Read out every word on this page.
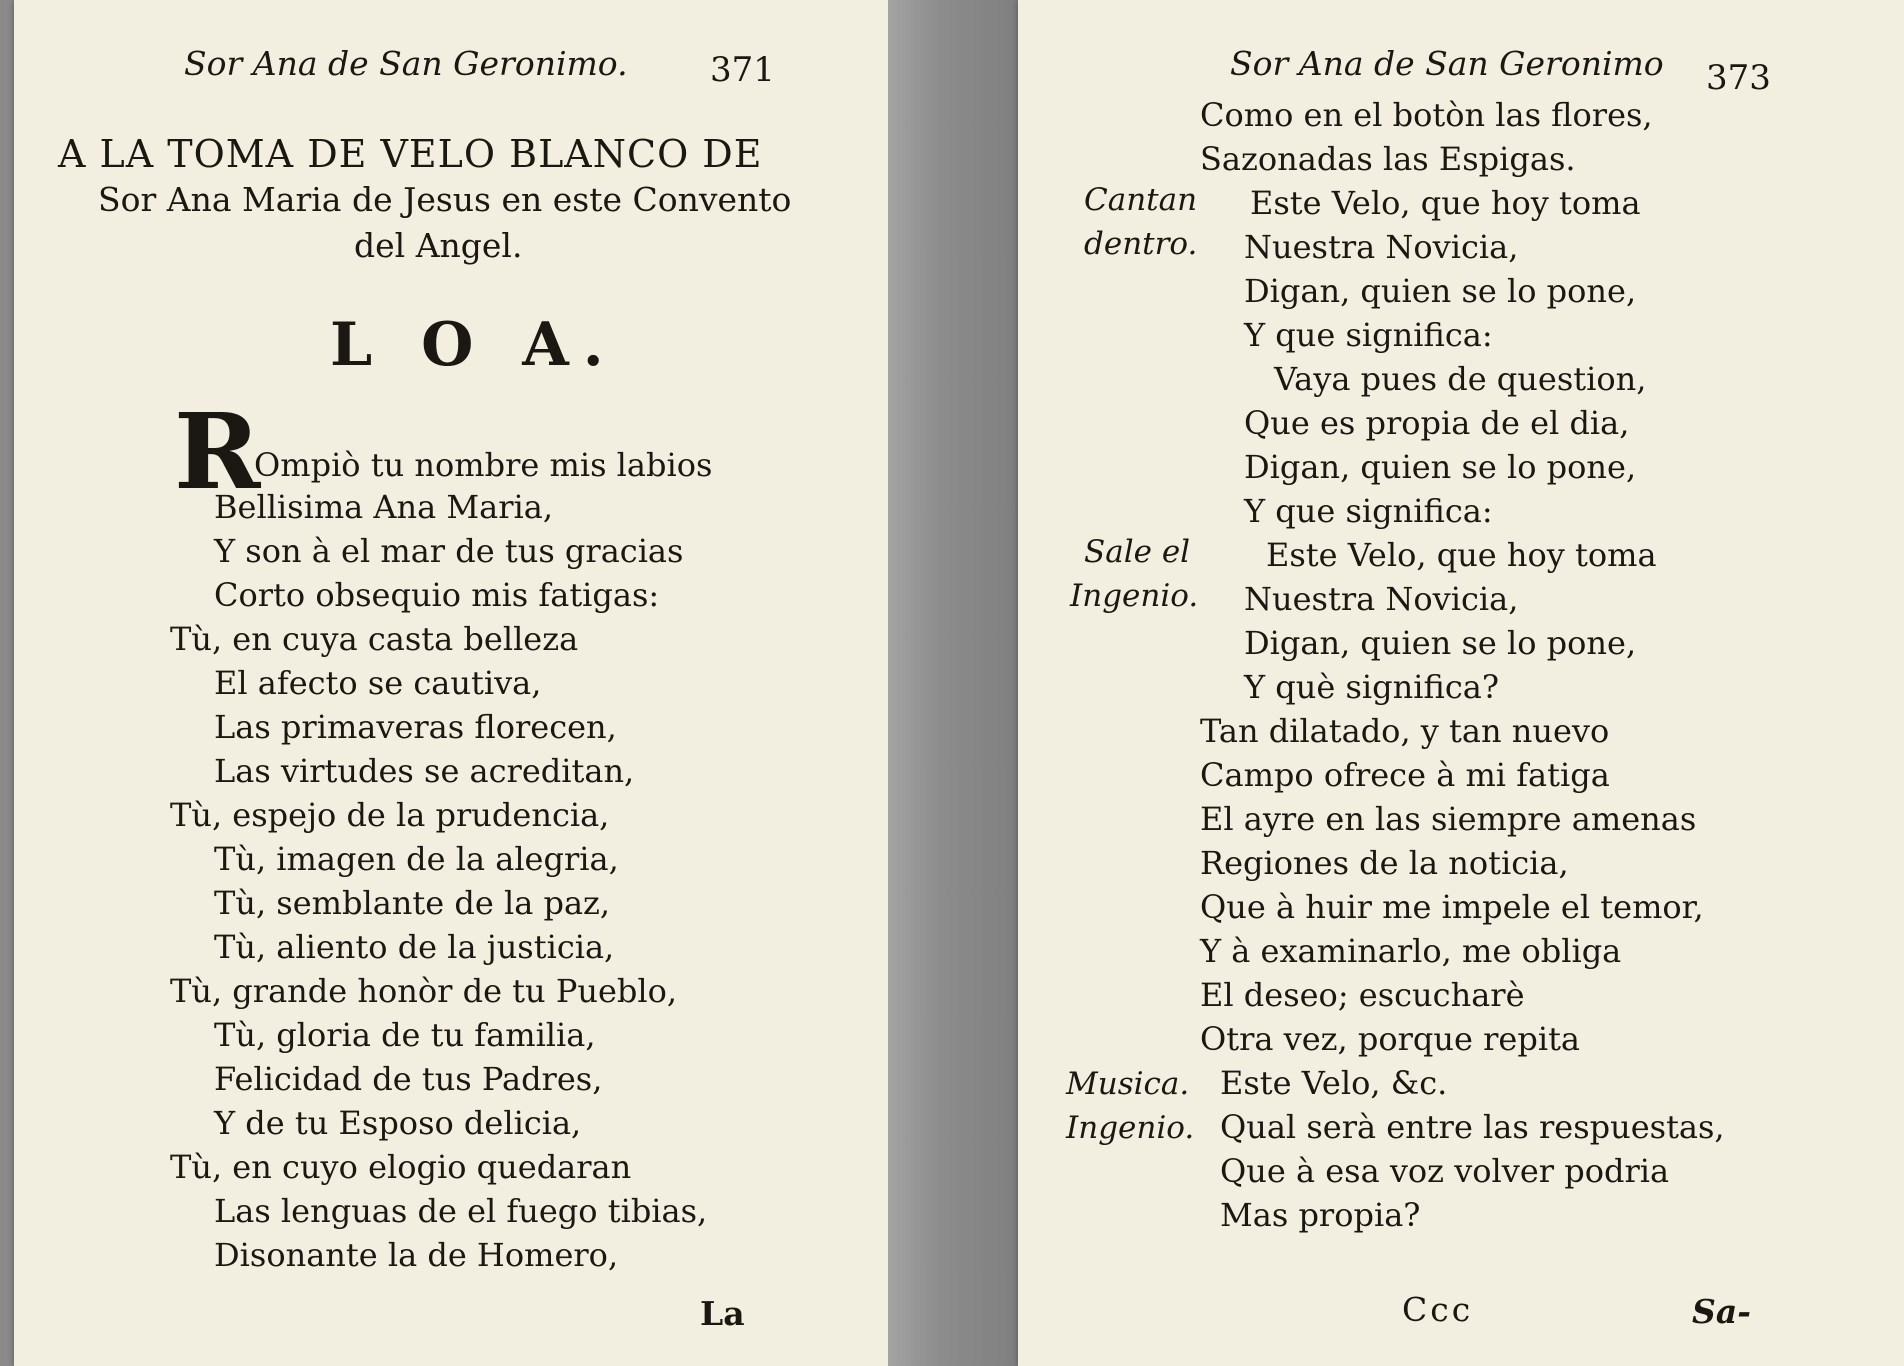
Sor Ana de San Geronimo. 371
A LA TOMA DE VELO BLANCO DE
Sor Ana Maria de Jesus en este Convento
del Angel.
L O A.
R
Ompiò tu nombre mis labios
Bellisima Ana Maria,
Y son à el mar de tus gracias
Corto obsequio mis fatigas:
Tù, en cuya casta belleza
El afecto se cautiva,
Las primaveras florecen,
Las virtudes se acreditan,
Tù, espejo de la prudencia,
Tù, imagen de la alegria,
Tù, semblante de la paz,
Tù, aliento de la justicia,
Tù, grande honòr de tu Pueblo,
Tù, gloria de tu familia,
Felicidad de tus Padres,
Y de tu Esposo delicia,
Tù, en cuyo elogio quedaran
Las lenguas de el fuego tibias,
Disonante la de Homero,
La
Sor Ana de San Geronimo 373
Como en el botòn las flores,
Sazonadas las Espigas.
Cantan Este Velo, que hoy toma
dentro. Nuestra Novicia,
Digan, quien se lo pone,
Y que significa:
Vaya pues de question,
Que es propia de el dia,
Digan, quien se lo pone,
Y que significa:
Sale el Este Velo, que hoy toma
Ingenio. Nuestra Novicia,
Digan, quien se lo pone,
Y què significa?
Tan dilatado, y tan nuevo
Campo ofrece à mi fatiga
El ayre en las siempre amenas
Regiones de la noticia,
Que à huir me impele el temor,
Y à examinarlo, me obliga
El deseo; escucharè
Otra vez, porque repita
Musica. Este Velo, &c.
Ingenio. Qual serà entre las respuestas,
Que à esa voz volver podria
Mas propia?
Ccc	Sa-
